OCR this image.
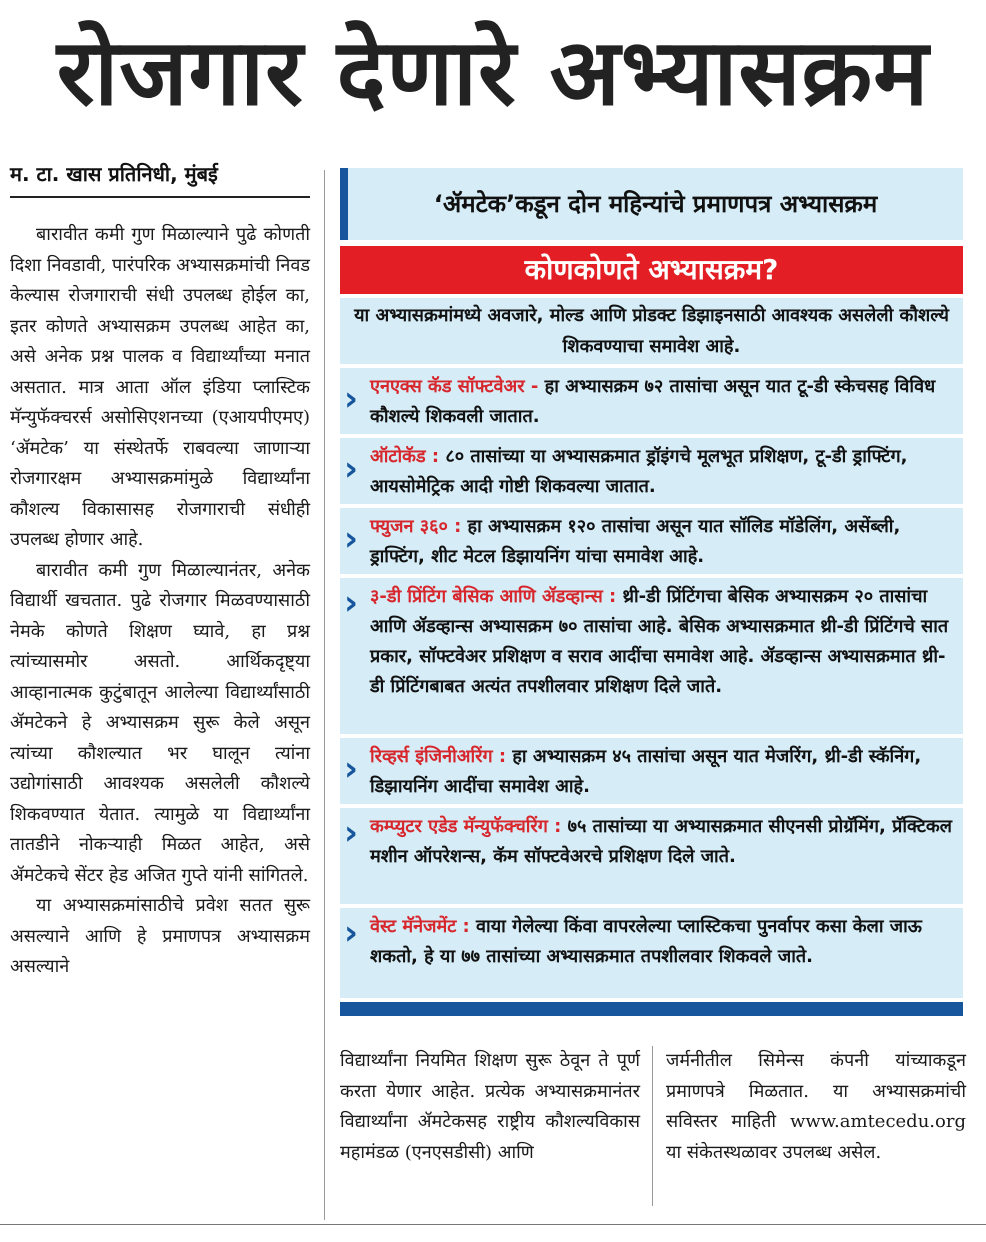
रोजगार देणारे अभ्यासक्रम
म. टा. खास प्रतिनिधी, मुंबई

बारावीत कमी गुण मिळाल्याने पुढे कोणती दिशा निवडावी, पारंपरिक अभ्यासक्रमांची निवड केल्यास रोजगाराची संधी उपलब्ध होईल का, इतर कोणते अभ्यासक्रम उपलब्ध आहेत का, असे अनेक प्रश्न पालक व विद्यार्थ्यांच्या मनात असतात. मात्र आता ऑल इंडिया प्लास्टिक मॅन्युफॅक्चरर्स असोसिएशनच्या (एआयपीएमए) ‘ॲमटेक’ या संस्थेतर्फे राबवल्या जाणाऱ्या रोजगारक्षम अभ्यासक्रमांमुळे विद्यार्थ्यांना कौशल्य विकासासह रोजगाराची संधीही उपलब्ध होणार आहे.

बारावीत कमी गुण मिळाल्यानंतर, अनेक विद्यार्थी खचतात. पुढे रोजगार मिळवण्यासाठी नेमके कोणते शिक्षण घ्यावे, हा प्रश्न त्यांच्यासमोर असतो. आर्थिकदृष्ट्या आव्हानात्मक कुटुंबातून आलेल्या विद्यार्थ्यांसाठी ॲमटेकने हे अभ्यासक्रम सुरू केले असून त्यांच्या कौशल्यात भर घालून त्यांना उद्योगांसाठी आवश्यक असलेली कौशल्ये शिकवण्यात येतात. त्यामुळे या विद्यार्थ्यांना तातडीने नोकऱ्याही मिळत आहेत, असे ॲमटेकचे सेंटर हेड अजित गुप्ते यांनी सांगितले.

या अभ्यासक्रमांसाठीचे प्रवेश सतत सुरू असल्याने आणि हे प्रमाणपत्र अभ्यासक्रम असल्याने

‘ॲमटेक’कडून दोन महिन्यांचे प्रमाणपत्र अभ्यासक्रम
कोणकोणते अभ्यासक्रम?
या अभ्यासक्रमांमध्ये अवजारे, मोल्ड आणि प्रोडक्ट डिझाइनसाठी आवश्यक असलेली कौशल्ये शिकवण्याचा समावेश आहे.
› एनएक्स कॅड सॉफ्टवेअर - हा अभ्यासक्रम ७२ तासांचा असून यात टू-डी स्केचसह विविध कौशल्ये शिकवली जातात.
› ऑटोकॅड : ८० तासांच्या या अभ्यासक्रमात ड्रॉइंगचे मूलभूत प्रशिक्षण, टू-डी ड्राफ्टिंग, आयसोमेट्रिक आदी गोष्टी शिकवल्या जातात.
› फ्युजन ३६० : हा अभ्यासक्रम १२० तासांचा असून यात सॉलिड मॉडेलिंग, असेंब्ली, ड्राफ्टिंग, शीट मेटल डिझायनिंग यांचा समावेश आहे.
› ३-डी प्रिंटिंग बेसिक आणि ॲडव्हान्स : थ्री-डी प्रिंटिंगचा बेसिक अभ्यासक्रम २० तासांचा आणि ॲडव्हान्स अभ्यासक्रम ७० तासांचा आहे. बेसिक अभ्यासक्रमात थ्री-डी प्रिंटिंगचे सात प्रकार, सॉफ्टवेअर प्रशिक्षण व सराव आदींचा समावेश आहे. ॲडव्हान्स अभ्यासक्रमात थ्री-डी प्रिंटिंगबाबत अत्यंत तपशीलवार प्रशिक्षण दिले जाते.
› रिव्हर्स इंजिनीअरिंग : हा अभ्यासक्रम ४५ तासांचा असून यात मेजरिंग, थ्री-डी स्कॅनिंग, डिझायनिंग आदींचा समावेश आहे.
› कम्प्युटर एडेड मॅन्युफॅक्चरिंग : ७५ तासांच्या या अभ्यासक्रमात सीएनसी प्रोग्रॅमिंग, प्रॅक्टिकल मशीन ऑपरेशन्स, कॅम सॉफ्टवेअरचे प्रशिक्षण दिले जाते.
› वेस्ट मॅनेजमेंट : वाया गेलेल्या किंवा वापरलेल्या प्लास्टिकचा पुनर्वापर कसा केला जाऊ शकतो, हे या ७७ तासांच्या अभ्यासक्रमात तपशीलवार शिकवले जाते.

विद्यार्थ्यांना नियमित शिक्षण सुरू ठेवून ते पूर्ण करता येणार आहेत. प्रत्येक अभ्यासक्रमानंतर विद्यार्थ्यांना ॲमटेकसह राष्ट्रीय कौशल्यविकास महामंडळ (एनएसडीसी) आणि

जर्मनीतील सिमेन्स कंपनी यांच्याकडून प्रमाणपत्रे मिळतात. या अभ्यासक्रमांची सविस्तर माहिती www.amtecedu.org या संकेतस्थळावर उपलब्ध असेल.
